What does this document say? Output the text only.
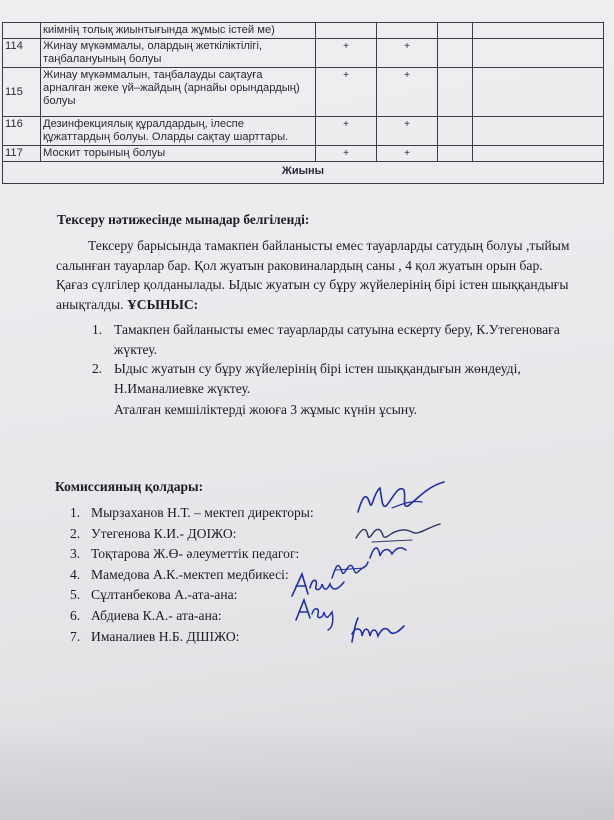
	киімнің толық жиынтығында жұмыс істей ме)				
114	Жинау мүкәммалы, олардың жеткіліктілігі, таңбалануының болуы	+	+		
115	Жинау мүкәммалын, таңбалауды сақтауға арналған жеке үй–жайдың (арнайы орындардың) болуы	+	+		
116	Дезинфекциялық құралдардың, ілеспе құжаттардың болуы. Оларды сақтау шарттары.	+	+		
117	Москит торының болуы	+	+		
Жиыны					
Тексеру нәтижесінде мынадар белгіленді:
Тексеру барысында тамакпен байланысты емес тауарларды сатудың болуы ,тыйым салынған тауарлар бар. Қол жуатын раковиналардың саны , 4 қол жуатын орын бар. Қағаз сүлгілер қолданылады. Ыдыс жуатын су бұру жүйелерінің бірі істен шыққандығы анықталды. ҰСЫНЫС:
1. Тамакпен байланысты емес тауарларды сатуына ескерту беру, К.Утегеноваға жүктеу.
2. Ыдыс жуатын су бұру жүйелерінің бірі істен шыққандығын жөндеуді, Н.Иманалиевке жүктеу.
Аталған кемшіліктерді жоюға 3 жұмыс күнін ұсыну.
Комиссияның қолдары:
1. Мырзаханов Н.Т. – мектеп директоры:
2. Утегенова К.И.- ДОІЖО:
3. Тоқтарова Ж.Ө- әлеуметтік педагог:
4. Мамедова А.К.-мектеп медбикесі:
5. Сұлтанбекова А.-ата-ана:
6. Абдиева К.А.- ата-ана:
7. Иманалиев Н.Б. ДШІЖО:
